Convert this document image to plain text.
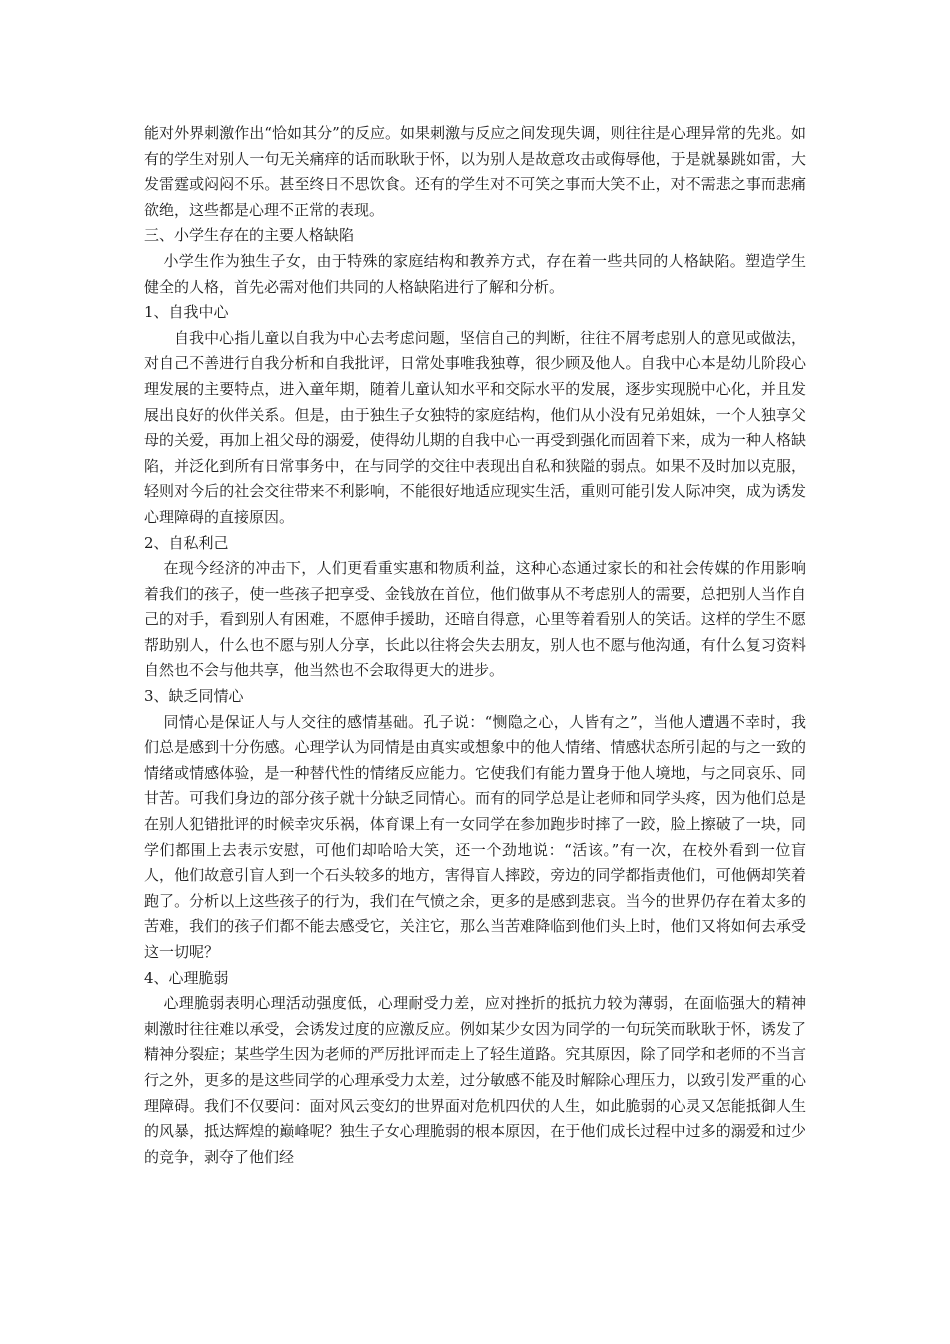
能对外界刺激作出“恰如其分”的反应。如果刺激与反应之间发现失调，则往往是心理异常的先兆。如有的学生对别人一句无关痛痒的话而耿耿于怀，以为别人是故意攻击或侮辱他，于是就暴跳如雷，大发雷霆或闷闷不乐。甚至终日不思饮食。还有的学生对不可笑之事而大笑不止，对不需悲之事而悲痛欲绝，这些都是心理不正常的表现。

三、小学生存在的主要人格缺陷

小学生作为独生子女，由于特殊的家庭结构和教养方式，存在着一些共同的人格缺陷。塑造学生健全的人格，首先必需对他们共同的人格缺陷进行了解和分析。

1、自我中心

自我中心指儿童以自我为中心去考虑问题，坚信自己的判断，往往不屑考虑别人的意见或做法，对自己不善进行自我分析和自我批评，日常处事唯我独尊，很少顾及他人。自我中心本是幼儿阶段心理发展的主要特点，进入童年期，随着儿童认知水平和交际水平的发展，逐步实现脱中心化，并且发展出良好的伙伴关系。但是，由于独生子女独特的家庭结构，他们从小没有兄弟姐妹，一个人独享父母的关爱，再加上祖父母的溺爱，使得幼儿期的自我中心一再受到强化而固着下来，成为一种人格缺陷，并泛化到所有日常事务中，在与同学的交往中表现出自私和狭隘的弱点。如果不及时加以克服，轻则对今后的社会交往带来不利影响，不能很好地适应现实生活，重则可能引发人际冲突，成为诱发心理障碍的直接原因。

2、自私利己

在现今经济的冲击下，人们更看重实惠和物质利益，这种心态通过家长的和社会传媒的作用影响着我们的孩子，使一些孩子把享受、金钱放在首位，他们做事从不考虑别人的需要，总把别人当作自己的对手，看到别人有困难，不愿伸手援助，还暗自得意，心里等着看别人的笑话。这样的学生不愿帮助别人，什么也不愿与别人分享，长此以往将会失去朋友，别人也不愿与他沟通，有什么复习资料自然也不会与他共享，他当然也不会取得更大的进步。

3、缺乏同情心

同情心是保证人与人交往的感情基础。孔子说：“恻隐之心，人皆有之”，当他人遭遇不幸时，我们总是感到十分伤感。心理学认为同情是由真实或想象中的他人情绪、情感状态所引起的与之一致的情绪或情感体验，是一种替代性的情绪反应能力。它使我们有能力置身于他人境地，与之同哀乐、同甘苦。可我们身边的部分孩子就十分缺乏同情心。而有的同学总是让老师和同学头疼，因为他们总是在别人犯错批评的时候幸灾乐祸，体育课上有一女同学在参加跑步时摔了一跤，脸上擦破了一块，同学们都围上去表示安慰，可他们却哈哈大笑，还一个劲地说：“活该。”有一次，在校外看到一位盲人，他们故意引盲人到一个石头较多的地方，害得盲人摔跤，旁边的同学都指责他们，可他俩却笑着跑了。分析以上这些孩子的行为，我们在气愤之余，更多的是感到悲哀。当今的世界仍存在着太多的苦难，我们的孩子们都不能去感受它，关注它，那么当苦难降临到他们头上时，他们又将如何去承受这一切呢？

4、心理脆弱

心理脆弱表明心理活动强度低，心理耐受力差，应对挫折的抵抗力较为薄弱，在面临强大的精神刺激时往往难以承受，会诱发过度的应激反应。例如某少女因为同学的一句玩笑而耿耿于怀，诱发了精神分裂症；某些学生因为老师的严厉批评而走上了轻生道路。究其原因，除了同学和老师的不当言行之外，更多的是这些同学的心理承受力太差，过分敏感不能及时解除心理压力，以致引发严重的心理障碍。我们不仅要问：面对风云变幻的世界面对危机四伏的人生，如此脆弱的心灵又怎能抵御人生的风暴，抵达辉煌的巅峰呢？独生子女心理脆弱的根本原因，在于他们成长过程中过多的溺爱和过少的竞争，剥夺了他们经
